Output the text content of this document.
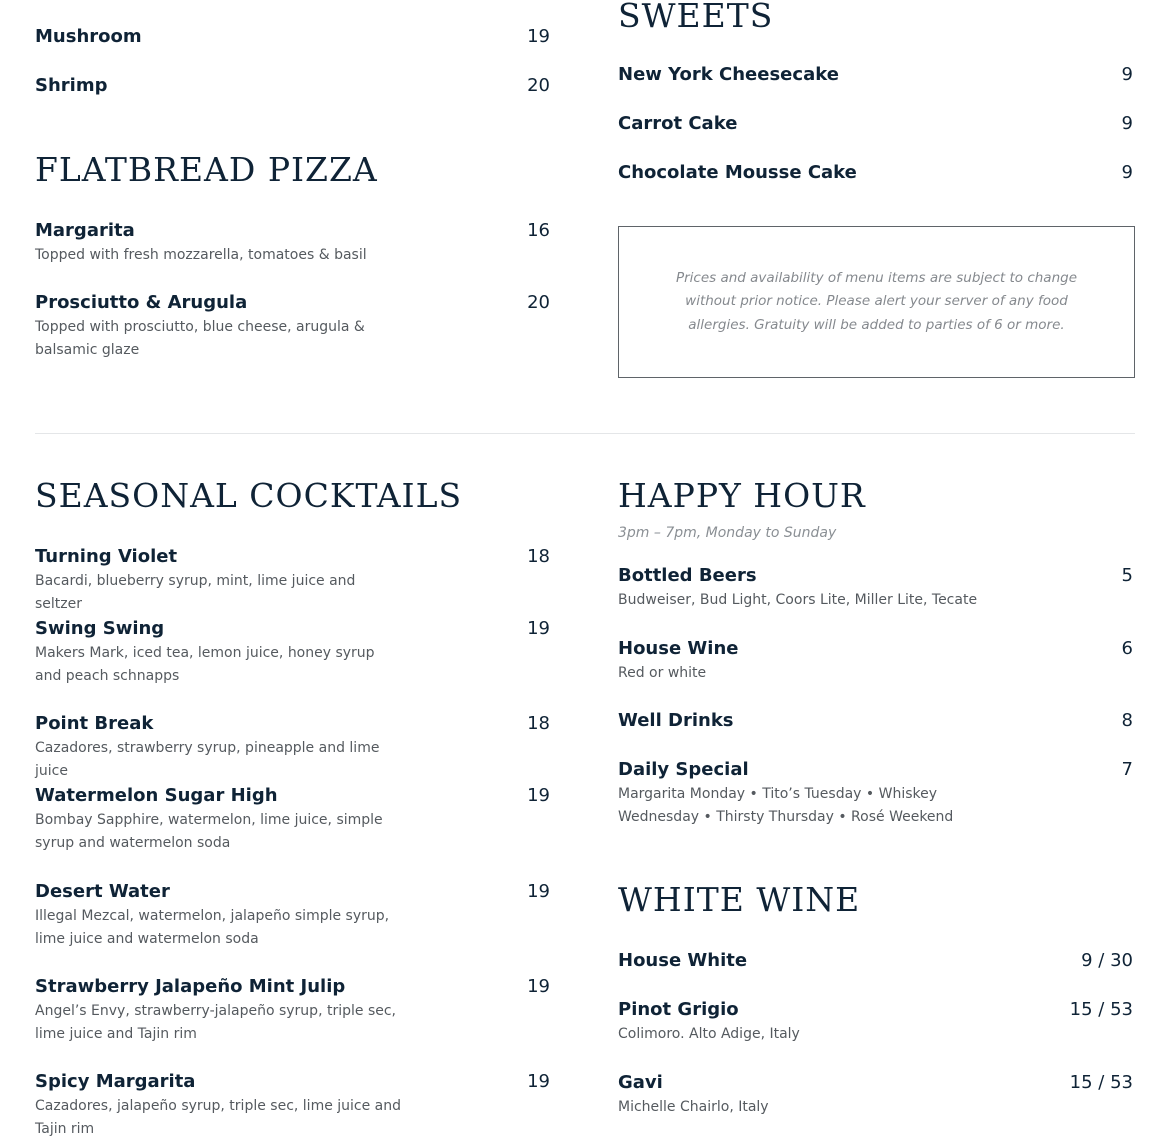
Mushroom	19
Shrimp	20
FLATBREAD PIZZA
Margarita	16
Topped with fresh mozzarella, tomatoes & basil
Prosciutto & Arugula	20
Topped with prosciutto, blue cheese, arugula & balsamic glaze
SWEETS
New York Cheesecake	9
Carrot Cake	9
Chocolate Mousse Cake	9
Prices and availability of menu items are subject to change without prior notice. Please alert your server of any food allergies. Gratuity will be added to parties of 6 or more.
SEASONAL COCKTAILS
Turning Violet	18
Bacardi, blueberry syrup, mint, lime juice and seltzer
Swing Swing	19
Makers Mark, iced tea, lemon juice, honey syrup and peach schnapps
Point Break	18
Cazadores, strawberry syrup, pineapple and lime juice
Watermelon Sugar High	19
Bombay Sapphire, watermelon, lime juice, simple syrup and watermelon soda
Desert Water	19
Illegal Mezcal, watermelon, jalapeño simple syrup, lime juice and watermelon soda
Strawberry Jalapeño Mint Julip	19
Angel’s Envy, strawberry-jalapeño syrup, triple sec, lime juice and Tajin rim
Spicy Margarita	19
Cazadores, jalapeño syrup, triple sec, lime juice and Tajin rim
HAPPY HOUR
3pm – 7pm, Monday to Sunday
Bottled Beers	5
Budweiser, Bud Light, Coors Lite, Miller Lite, Tecate
House Wine	6
Red or white
Well Drinks	8
Daily Special	7
Margarita Monday • Tito’s Tuesday • Whiskey Wednesday • Thirsty Thursday • Rosé Weekend
WHITE WINE
House White	9 / 30
Pinot Grigio	15 / 53
Colimoro. Alto Adige, Italy
Gavi	15 / 53
Michelle Chairlo, Italy
